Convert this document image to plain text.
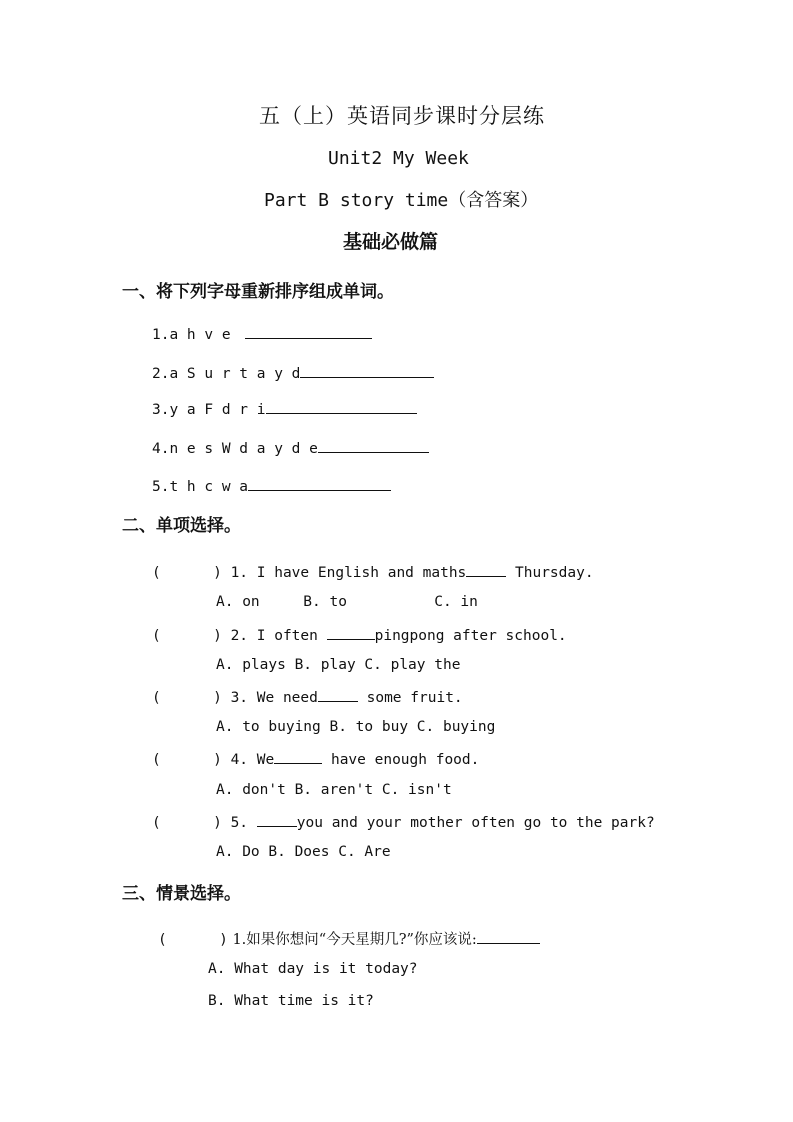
五（上）英语同步课时分层练
Unit2 My Week
Part B story time（含答案）
基础必做篇
一、将下列字母重新排序组成单词。
1.a h v e
2.a S u r t a y d
3.y a F d r i
4.n e s W d a y d e
5.t h c w a
二、单项选择。
(      ) 1. I have English and maths	Thursday.
A. on     B. to          C. in
(      ) 2. I often	pingpong after school.
A. plays B. play C. play the
(      ) 3. We need	some fruit.
A. to buying B. to buy C. buying
(      ) 4. We	have enough food.
A. don't B. aren't C. isn't
(      ) 5.	you and your mother often go to the park?
A. Do B. Does C. Are
三、情景选择。
(      ) 1.如果你想问“今天星期几?”你应该说:
A. What day is it today?
B. What time is it?
